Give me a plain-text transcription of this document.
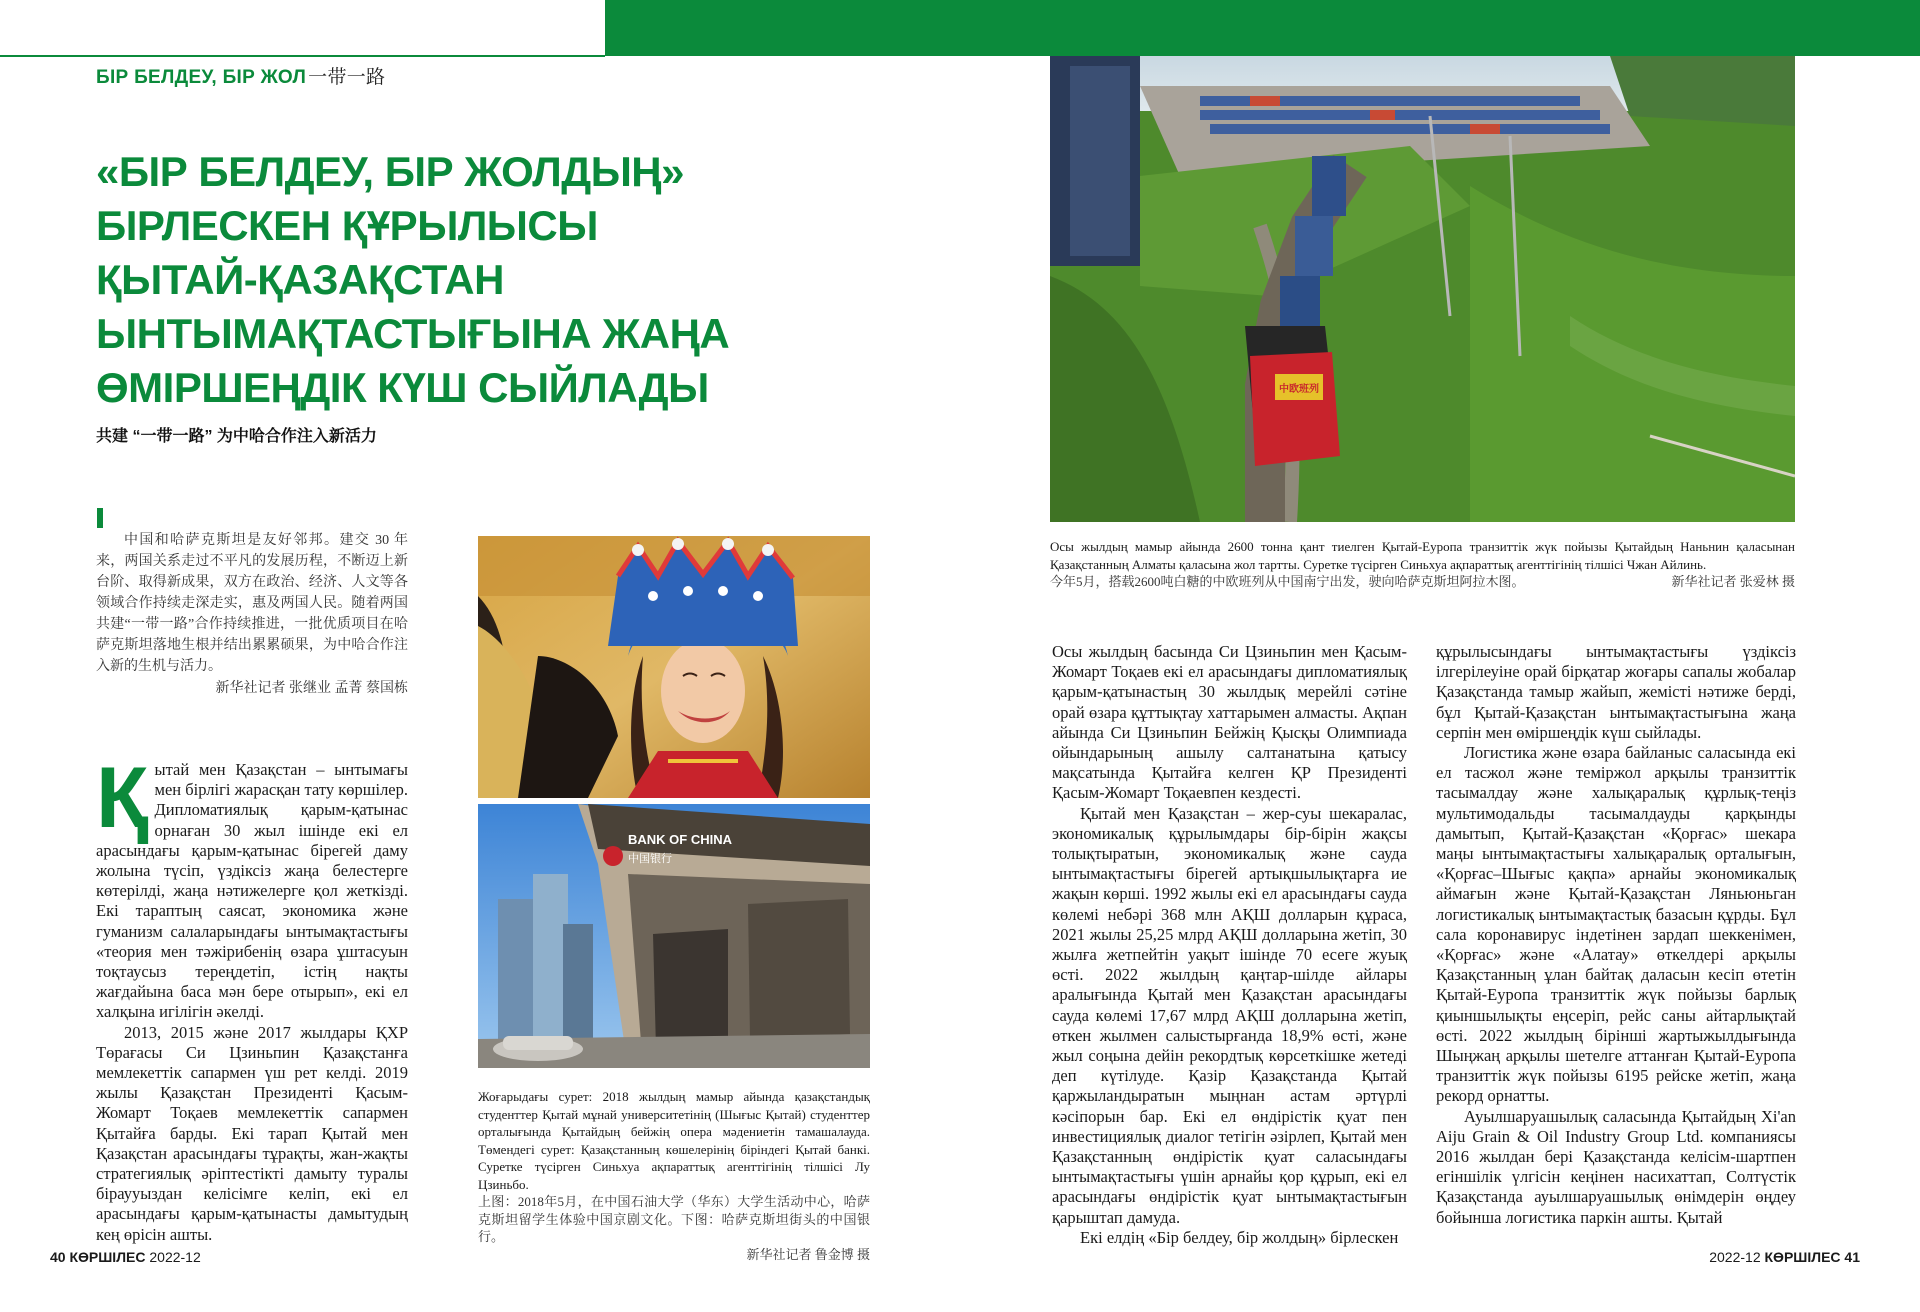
БІР БЕЛДЕУ, БІР ЖОЛ 一带一路
«БІР БЕЛДЕУ, БІР ЖОЛДЫҢ»
БІРЛЕСКЕН ҚҰРЫЛЫСЫ
ҚЫТАЙ-ҚАЗАҚСТАН
ЫНТЫМАҚТАСТЫҒЫНА ЖАҢА
ӨМІРШЕҢДІК КҮШ СЫЙЛАДЫ
共建 “一带一路” 为中哈合作注入新活力
中国和哈萨克斯坦是友好邻邦。建交 30 年来，两国关系走过不平凡的发展历程，不断迈上新台阶、取得新成果，双方在政治、经济、人文等各领域合作持续走深走实，惠及两国人民。随着两国共建“一带一路”合作持续推进，一批优质项目在哈萨克斯坦落地生根并结出累累硕果，为中哈合作注入新的生机与活力。
新华社记者 张继业 孟菁 蔡国栋
Қ ытай мен Қазақстан – ынтымағы мен бірлігі жарасқан тату көршілер. Дипломатиялық қарым-қатынас орнаған 30 жыл ішінде екі ел арасындағы қарым-қатынас бірегей даму жолына түсіп, үздіксіз жаңа белестерге көтерілді, жаңа нәтижелерге қол жеткізді. Екі тараптың саясат, экономика және гуманизм салаларындағы ынтымақтастығы «теория мен тәжірибенің өзара ұштасуын тоқтаусыз тереңдетіп, істің нақты жағдайына баса мән бере отырып», екі ел халқына игілігін әкелді.

2013, 2015 және 2017 жылдары ҚХР Төрағасы Си Цзиньпин Қазақстанға мемлекеттік сапармен үш рет келді. 2019 жылы Қазақстан Президенті Қасым-Жомарт Тоқаев мемлекеттік сапармен Қытайға барды. Екі тарап Қытай мен Қазақстан арасындағы тұрақты, жан-жақты стратегиялық әріптестікті дамыту туралы біраууыздан келісімге келіп, екі ел арасындағы қарым-қатынасты дамытудың кең өрісін ашты.

BANK OF CHINA
中国银行
Жоғарыдағы сурет: 2018 жылдың мамыр айында қазақстандық студенттер Қытай мұнай университетінің (Шығыс Қытай) студенттер орталығында Қытайдың бейжің опера мәдениетін тамашалауда. Төмендегі сурет: Қазақстанның көшелерінің біріндегі Қытай банкі. Суретке түсірген Синьхуа ақпараттық агенттігінің тілшісі Лу Цзиньбо.
上图：2018年5月，在中国石油大学（华东）大学生活动中心，哈萨克斯坦留学生体验中国京剧文化。下图：哈萨克斯坦街头的中国银行。
新华社记者 鲁金博 摄
中欧班列
Осы жылдың мамыр айында 2600 тонна қант тиелген Қытай-Еуропа транзиттік жүк пойызы Қытайдың Наньнин қаласынан Қазақстанның Алматы қаласына жол тартты. Суретке түсірген Синьхуа ақпараттық агенттігінің тілшісі Чжан Айлинь.
今年5月，搭载2600吨白糖的中欧班列从中国南宁出发，驶向哈萨克斯坦阿拉木图。	新华社记者 张爱林 摄

Осы жылдың басында Си Цзиньпин мен Қасым-Жомарт Тоқаев екі ел арасындағы дипломатиялық қарым-қатынастың 30 жылдық мерейлі сәтіне орай өзара құттықтау хаттарымен алмасты. Ақпан айында Си Цзиньпин Бейжің Қысқы Олимпиада ойындарының ашылу салтанатына қатысу мақсатында Қытайға келген ҚР Президенті Қасым-Жомарт Тоқаевпен кездесті.

Қытай мен Қазақстан – жер-суы шекаралас, экономикалық құрылымдары бір-бірін жақсы толықтыратын, экономикалық және сауда ынтымақтастығы бірегей артықшылықтарға ие жақын көрші. 1992 жылы екі ел арасындағы сауда көлемі небәрі 368 млн АҚШ долларын құраса, 2021 жылы 25,25 млрд АҚШ долларына жетіп, 30 жылға жетпейтін уақыт ішінде 70 есеге жуық өсті. 2022 жылдың қаңтар-шілде айлары аралығында Қытай мен Қазақстан арасындағы сауда көлемі 17,67 млрд АҚШ долларына жетіп, өткен жылмен салыстырғанда 18,9% өсті, және жыл соңына дейін рекордтық көрсеткішке жетеді деп күтілуде. Қазір Қазақстанда Қытай қаржыландыратын мыңнан астам әртүрлі кәсіпорын бар. Екі ел өндірістік қуат пен инвестициялық диалог тетігін әзірлеп, Қытай мен Қазақстанның өндірістік қуат саласындағы ынтымақтастығы үшін арнайы қор құрып, екі ел арасындағы өндірістік қуат ынтымақтастығын қарыштап дамуда.

Екі елдің «Бір белдеу, бір жолдың» бірлескен

құрылысындағы ынтымақтастығы үздіксіз ілгерілеуіне орай бірқатар жоғары сапалы жобалар Қазақстанда тамыр жайып, жемісті нәтиже берді, бұл Қытай-Қазақстан ынтымақтастығына жаңа серпін мен өміршеңдік күш сыйлады.

Логистика және өзара байланыс саласында екі ел тасжол және теміржол арқылы транзиттік тасымалдау және халықаралық құрлық-теңіз мультимодальды тасымалдауды қарқынды дамытып, Қытай-Қазақстан «Қорғас» шекара маңы ынтымақтастығы халықаралық орталығын, «Қорғас–Шығыс қақпа» арнайы экономикалық аймағын және Қытай-Қазақстан Ляньюньган логистикалық ынтымақтастық базасын құрды. Бұл сала коронавирус індетінен зардап шеккенімен, «Қорғас» және «Алатау» өткелдері арқылы Қазақстанның ұлан байтақ даласын кесіп өтетін Қытай-Еуропа транзиттік жүк пойызы барлық қиыншылықты еңсеріп, рейс саны айтарлықтай өсті. 2022 жылдың бірінші жартыжылдығында Шыңжаң арқылы шетелге аттанған Қытай-Еуропа транзиттік жүк пойызы 6195 рейске жетіп, жаңа рекорд орнатты.

Ауылшаруашылық саласында Қытайдың Xi'an Aiju Grain & Oil Industry Group Ltd. компаниясы 2016 жылдан бері Қазақстанда келісім-шартпен егіншілік үлгісін кеңінен насихаттап, Солтүстік Қазақстанда ауылшаруашылық өнімдерін өңдеу бойынша логистика паркін ашты. Қытай

40 КӨРШІЛЕС 2022-12	2022-12 КӨРШІЛЕС 41
